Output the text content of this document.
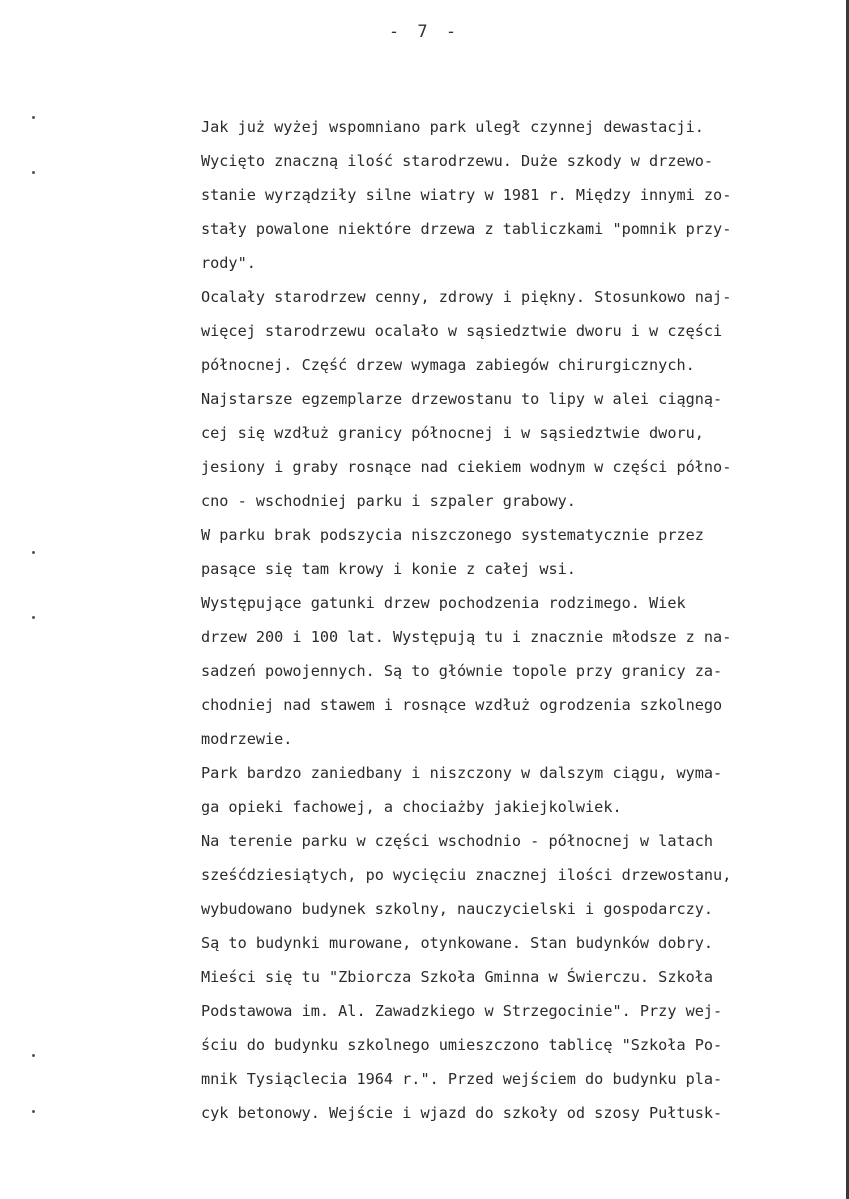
- 7 -
Jak już wyżej wspomniano park uległ czynnej dewastacji.
Wycięto znaczną ilość starodrzewu. Duże szkody w drzewo-
stanie wyrządziły silne wiatry w 1981 r. Między innymi zo-
stały powalone niektóre drzewa z tabliczkami "pomnik przy-
rody".
Ocalały starodrzew cenny, zdrowy i piękny. Stosunkowo naj-
więcej starodrzewu ocalało w sąsiedztwie dworu i w części
północnej. Część drzew wymaga zabiegów chirurgicznych.
Najstarsze egzemplarze drzewostanu to lipy w alei ciągną-
cej się wzdłuż granicy północnej i w sąsiedztwie dworu,
jesiony i graby rosnące nad ciekiem wodnym w części półno-
cno - wschodniej parku i szpaler grabowy.
W parku brak podszycia niszczonego systematycznie przez
pasące się tam krowy i konie z całej wsi.
Występujące gatunki drzew pochodzenia rodzimego. Wiek
drzew 200 i 100 lat. Występują tu i znacznie młodsze z na-
sadzeń powojennych. Są to głównie topole przy granicy za-
chodniej nad stawem i rosnące wzdłuż ogrodzenia szkolnego
modrzewie.
Park bardzo zaniedbany i niszczony w dalszym ciągu, wyma-
ga opieki fachowej, a chociażby jakiejkolwiek.
Na terenie parku w części wschodnio - północnej w latach
sześćdziesiątych, po wycięciu znacznej ilości drzewostanu,
wybudowano budynek szkolny, nauczycielski i gospodarczy.
Są to budynki murowane, otynkowane. Stan budynków dobry.
Mieści się tu "Zbiorcza Szkoła Gminna w Świerczu. Szkoła
Podstawowa im. Al. Zawadzkiego w Strzegocinie". Przy wej-
ściu do budynku szkolnego umieszczono tablicę "Szkoła Po-
mnik Tysiąclecia 1964 r.". Przed wejściem do budynku pla-
cyk betonowy. Wejście i wjazd do szkoły od szosy Pułtusk-
